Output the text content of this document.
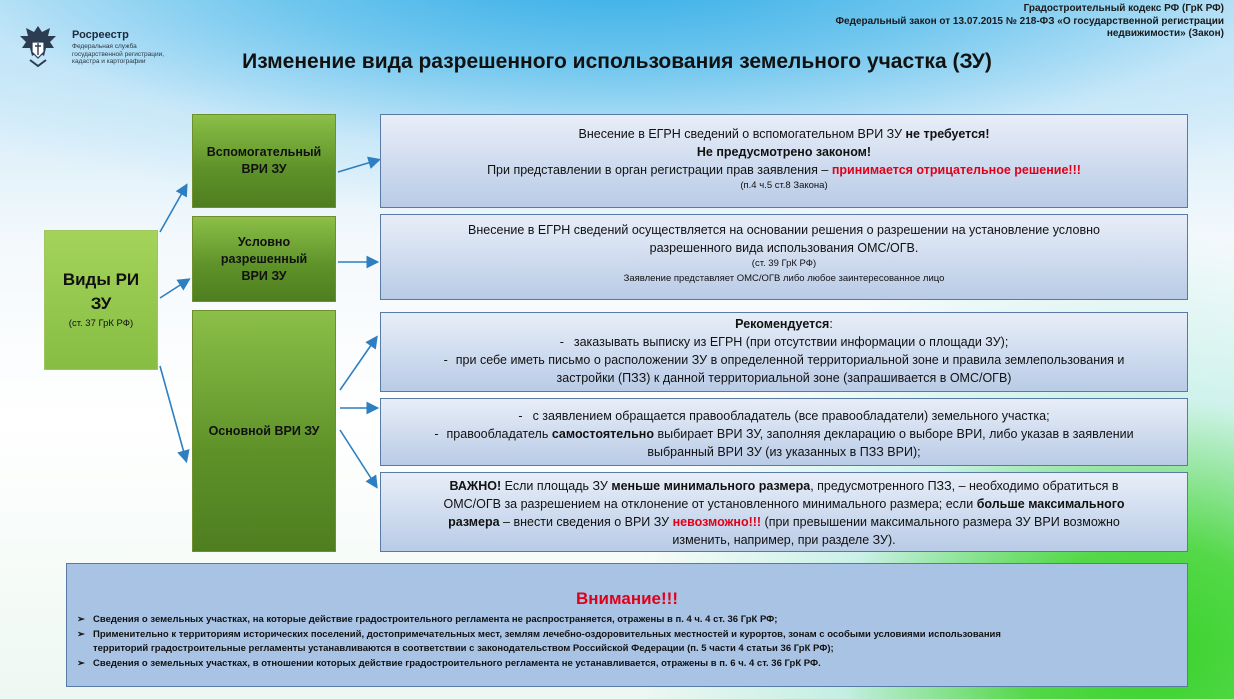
Росреестр
Федеральная служба государственной регистрации, кадастра и картографии
Градостроительный кодекс РФ (ГрК РФ)
Федеральный закон от 13.07.2015 № 218-ФЗ «О государственной регистрации
недвижимости» (Закон)
Изменение вида разрешенного использования земельного участка (ЗУ)
Виды РИ
ЗУ
(ст. 37 ГрК РФ)
Вспомогательный
ВРИ ЗУ
Условно
разрешенный
ВРИ ЗУ
Основной ВРИ ЗУ
Внесение в ЕГРН сведений о вспомогательном ВРИ ЗУ не требуется!
Не предусмотрено законом!
При представлении в орган регистрации прав заявления – принимается отрицательное решение!!!
(п.4 ч.5 ст.8 Закона)
Внесение в ЕГРН сведений осуществляется на основании решения о разрешении на установление условно
разрешенного вида использования ОМС/ОГВ.
(ст. 39 ГрК РФ)
Заявление представляет ОМС/ОГВ либо любое заинтересованное лицо
Рекомендуется:
- заказывать выписку из ЕГРН (при отсутствии информации о площади ЗУ);
- при себе иметь письмо о расположении ЗУ в определенной территориальной зоне и правила землепользования и
застройки (ПЗЗ) к данной территориальной зоне (запрашивается в ОМС/ОГВ)
- с заявлением обращается правообладатель (все правообладатели) земельного участка;
- правообладатель самостоятельно выбирает ВРИ ЗУ, заполняя декларацию о выборе ВРИ, либо указав в заявлении
выбранный ВРИ ЗУ (из указанных в ПЗЗ ВРИ);
ВАЖНО! Если площадь ЗУ меньше минимального размера, предусмотренного ПЗЗ, – необходимо обратиться в
ОМС/ОГВ за разрешением на отклонение от установленного минимального размера; если больше максимального
размера – внести сведения о ВРИ ЗУ невозможно!!! (при превышении максимального размера ЗУ ВРИ возможно
изменить, например, при разделе ЗУ).
Внимание!!!
➢ Сведения о земельных участках, на которые действие градостроительного регламента не распространяется, отражены в п. 4 ч. 4 ст. 36 ГрК РФ;
➢ Применительно к территориям исторических поселений, достопримечательных мест, землям лечебно-оздоровительных местностей и курортов, зонам с особыми условиями использования
территорий градостроительные регламенты устанавливаются в соответствии с законодательством Российской Федерации (п. 5 части 4 статьи 36 ГрК РФ);
➢ Сведения о земельных участках, в отношении которых действие градостроительного регламента не устанавливается, отражены в п. 6 ч. 4 ст. 36 ГрК РФ.
